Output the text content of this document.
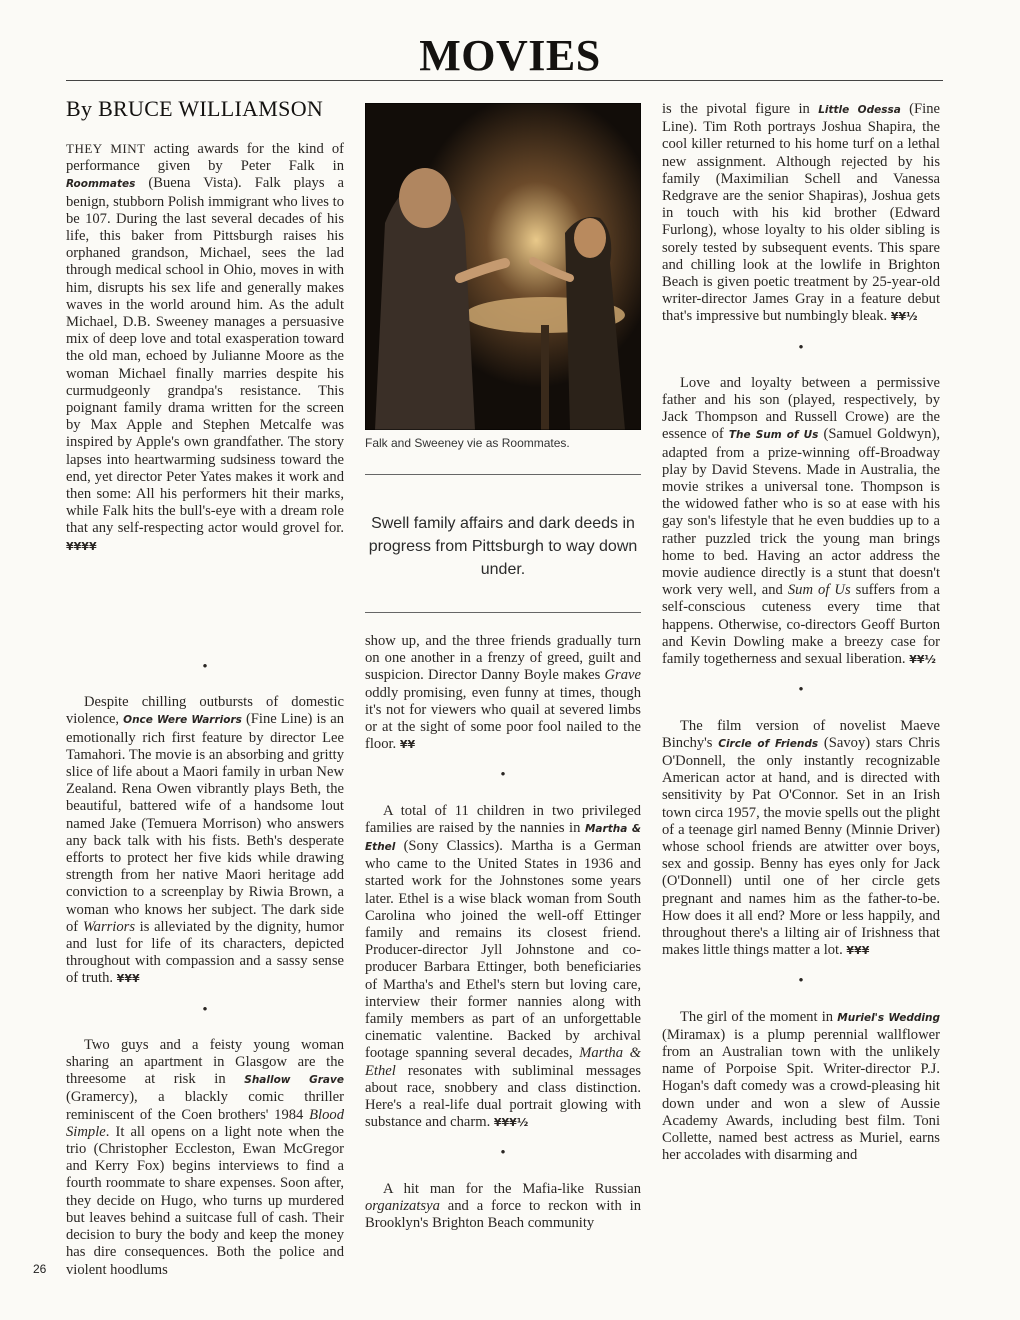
MOVIES
By BRUCE WILLIAMSON

THEY MINT acting awards for the kind of performance given by Peter Falk in Roommates (Buena Vista). Falk plays a benign, stubborn Polish immigrant who lives to be 107. During the last several decades of his life, this baker from Pittsburgh raises his orphaned grandson, Michael, sees the lad through medical school in Ohio, moves in with him, disrupts his sex life and generally makes waves in the world around him. As the adult Michael, D.B. Sweeney manages a persuasive mix of deep love and total exasperation toward the old man, echoed by Julianne Moore as the woman Michael finally marries despite his curmudgeonly grandpa's resistance. This poignant family drama written for the screen by Max Apple and Stephen Metcalfe was inspired by Apple's own grandfather. The story lapses into heartwarming sudsiness toward the end, yet director Peter Yates makes it work and then some: All his performers hit their marks, while Falk hits the bull's-eye with a dream role that any self-respecting actor would grovel for. ¥¥¥¥

•

Despite chilling outbursts of domestic violence, Once Were Warriors (Fine Line) is an emotionally rich first feature by director Lee Tamahori. The movie is an absorbing and gritty slice of life about a Maori family in urban New Zealand. Rena Owen vibrantly plays Beth, the beautiful, battered wife of a handsome lout named Jake (Temuera Morrison) who answers any back talk with his fists. Beth's desperate efforts to protect her five kids while drawing strength from her native Maori heritage add conviction to a screenplay by Riwia Brown, a woman who knows her subject. The dark side of Warriors is alleviated by the dignity, humor and lust for life of its characters, depicted throughout with compassion and a sassy sense of truth. ¥¥¥

•

Two guys and a feisty young woman sharing an apartment in Glasgow are the threesome at risk in Shallow Grave (Gramercy), a blackly comic thriller reminiscent of the Coen brothers' 1984 Blood Simple. It all opens on a light note when the trio (Christopher Eccleston, Ewan McGregor and Kerry Fox) begins interviews to find a fourth roommate to share expenses. Soon after, they decide on Hugo, who turns up murdered but leaves behind a suitcase full of cash. Their decision to bury the body and keep the money has dire consequences. Both the police and violent hoodlums

Falk and Sweeney vie as Roommates.
Swell family affairs and dark deeds in progress from Pittsburgh to way down under.

show up, and the three friends gradually turn on one another in a frenzy of greed, guilt and suspicion. Director Danny Boyle makes Grave oddly promising, even funny at times, though it's not for viewers who quail at severed limbs or at the sight of some poor fool nailed to the floor. ¥¥

•

A total of 11 children in two privileged families are raised by the nannies in Martha & Ethel (Sony Classics). Martha is a German who came to the United States in 1936 and started work for the Johnstones some years later. Ethel is a wise black woman from South Carolina who joined the well-off Ettinger family and remains its closest friend. Producer-director Jyll Johnstone and co-producer Barbara Ettinger, both beneficiaries of Martha's and Ethel's stern but loving care, interview their former nannies along with family members as part of an unforgettable cinematic valentine. Backed by archival footage spanning several decades, Martha & Ethel resonates with subliminal messages about race, snobbery and class distinction. Here's a real-life dual portrait glowing with substance and charm. ¥¥¥½

•

A hit man for the Mafia-like Russian organizatsya and a force to reckon with in Brooklyn's Brighton Beach community

is the pivotal figure in Little Odessa (Fine Line). Tim Roth portrays Joshua Shapira, the cool killer returned to his home turf on a lethal new assignment. Although rejected by his family (Maximilian Schell and Vanessa Redgrave are the senior Shapiras), Joshua gets in touch with his kid brother (Edward Furlong), whose loyalty to his older sibling is sorely tested by subsequent events. This spare and chilling look at the lowlife in Brighton Beach is given poetic treatment by 25-year-old writer-director James Gray in a feature debut that's impressive but numbingly bleak. ¥¥½

•

Love and loyalty between a permissive father and his son (played, respectively, by Jack Thompson and Russell Crowe) are the essence of The Sum of Us (Samuel Goldwyn), adapted from a prize-winning off-Broadway play by David Stevens. Made in Australia, the movie strikes a universal tone. Thompson is the widowed father who is so at ease with his gay son's lifestyle that he even buddies up to a rather puzzled trick the young man brings home to bed. Having an actor address the movie audience directly is a stunt that doesn't work very well, and Sum of Us suffers from a self-conscious cuteness every time that happens. Otherwise, co-directors Geoff Burton and Kevin Dowling make a breezy case for family togetherness and sexual liberation. ¥¥½

•

The film version of novelist Maeve Binchy's Circle of Friends (Savoy) stars Chris O'Donnell, the only instantly recognizable American actor at hand, and is directed with sensitivity by Pat O'Connor. Set in an Irish town circa 1957, the movie spells out the plight of a teenage girl named Benny (Minnie Driver) whose school friends are atwitter over boys, sex and gossip. Benny has eyes only for Jack (O'Donnell) until one of her circle gets pregnant and names him as the father-to-be. How does it all end? More or less happily, and throughout there's a lilting air of Irishness that makes little things matter a lot. ¥¥¥

•

The girl of the moment in Muriel's Wedding (Miramax) is a plump perennial wallflower from an Australian town with the unlikely name of Porpoise Spit. Writer-director P.J. Hogan's daft comedy was a crowd-pleasing hit down under and won a slew of Aussie Academy Awards, including best film. Toni Collette, named best actress as Muriel, earns her accolades with disarming and

26
